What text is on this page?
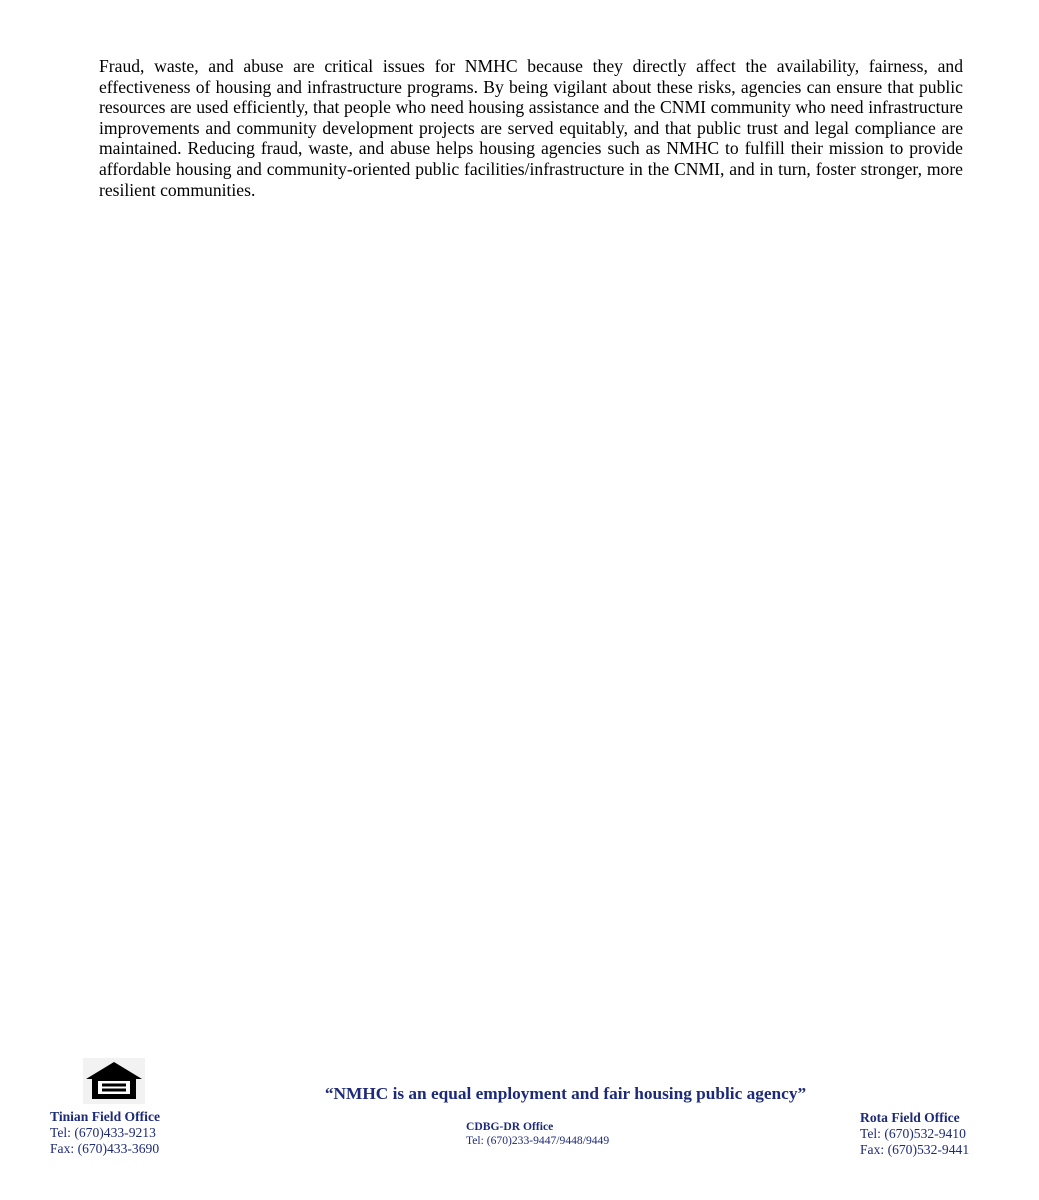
Fraud, waste, and abuse are critical issues for NMHC because they directly affect the availability, fairness, and effectiveness of housing and infrastructure programs. By being vigilant about these risks, agencies can ensure that public resources are used efficiently, that people who need housing assistance and the CNMI community who need infrastructure improvements and community development projects are served equitably, and that public trust and legal compliance are maintained. Reducing fraud, waste, and abuse helps housing agencies such as NMHC to fulfill their mission to provide affordable housing and community-oriented public facilities/infrastructure in the CNMI, and in turn, foster stronger, more resilient communities.

“NMHC is an equal employment and fair housing public agency”
Tinian Field Office
Tel: (670)433-9213
Fax: (670)433-3690
CDBG-DR Office
Tel: (670)233-9447/9448/9449
Rota Field Office
Tel: (670)532-9410
Fax: (670)532-9441
